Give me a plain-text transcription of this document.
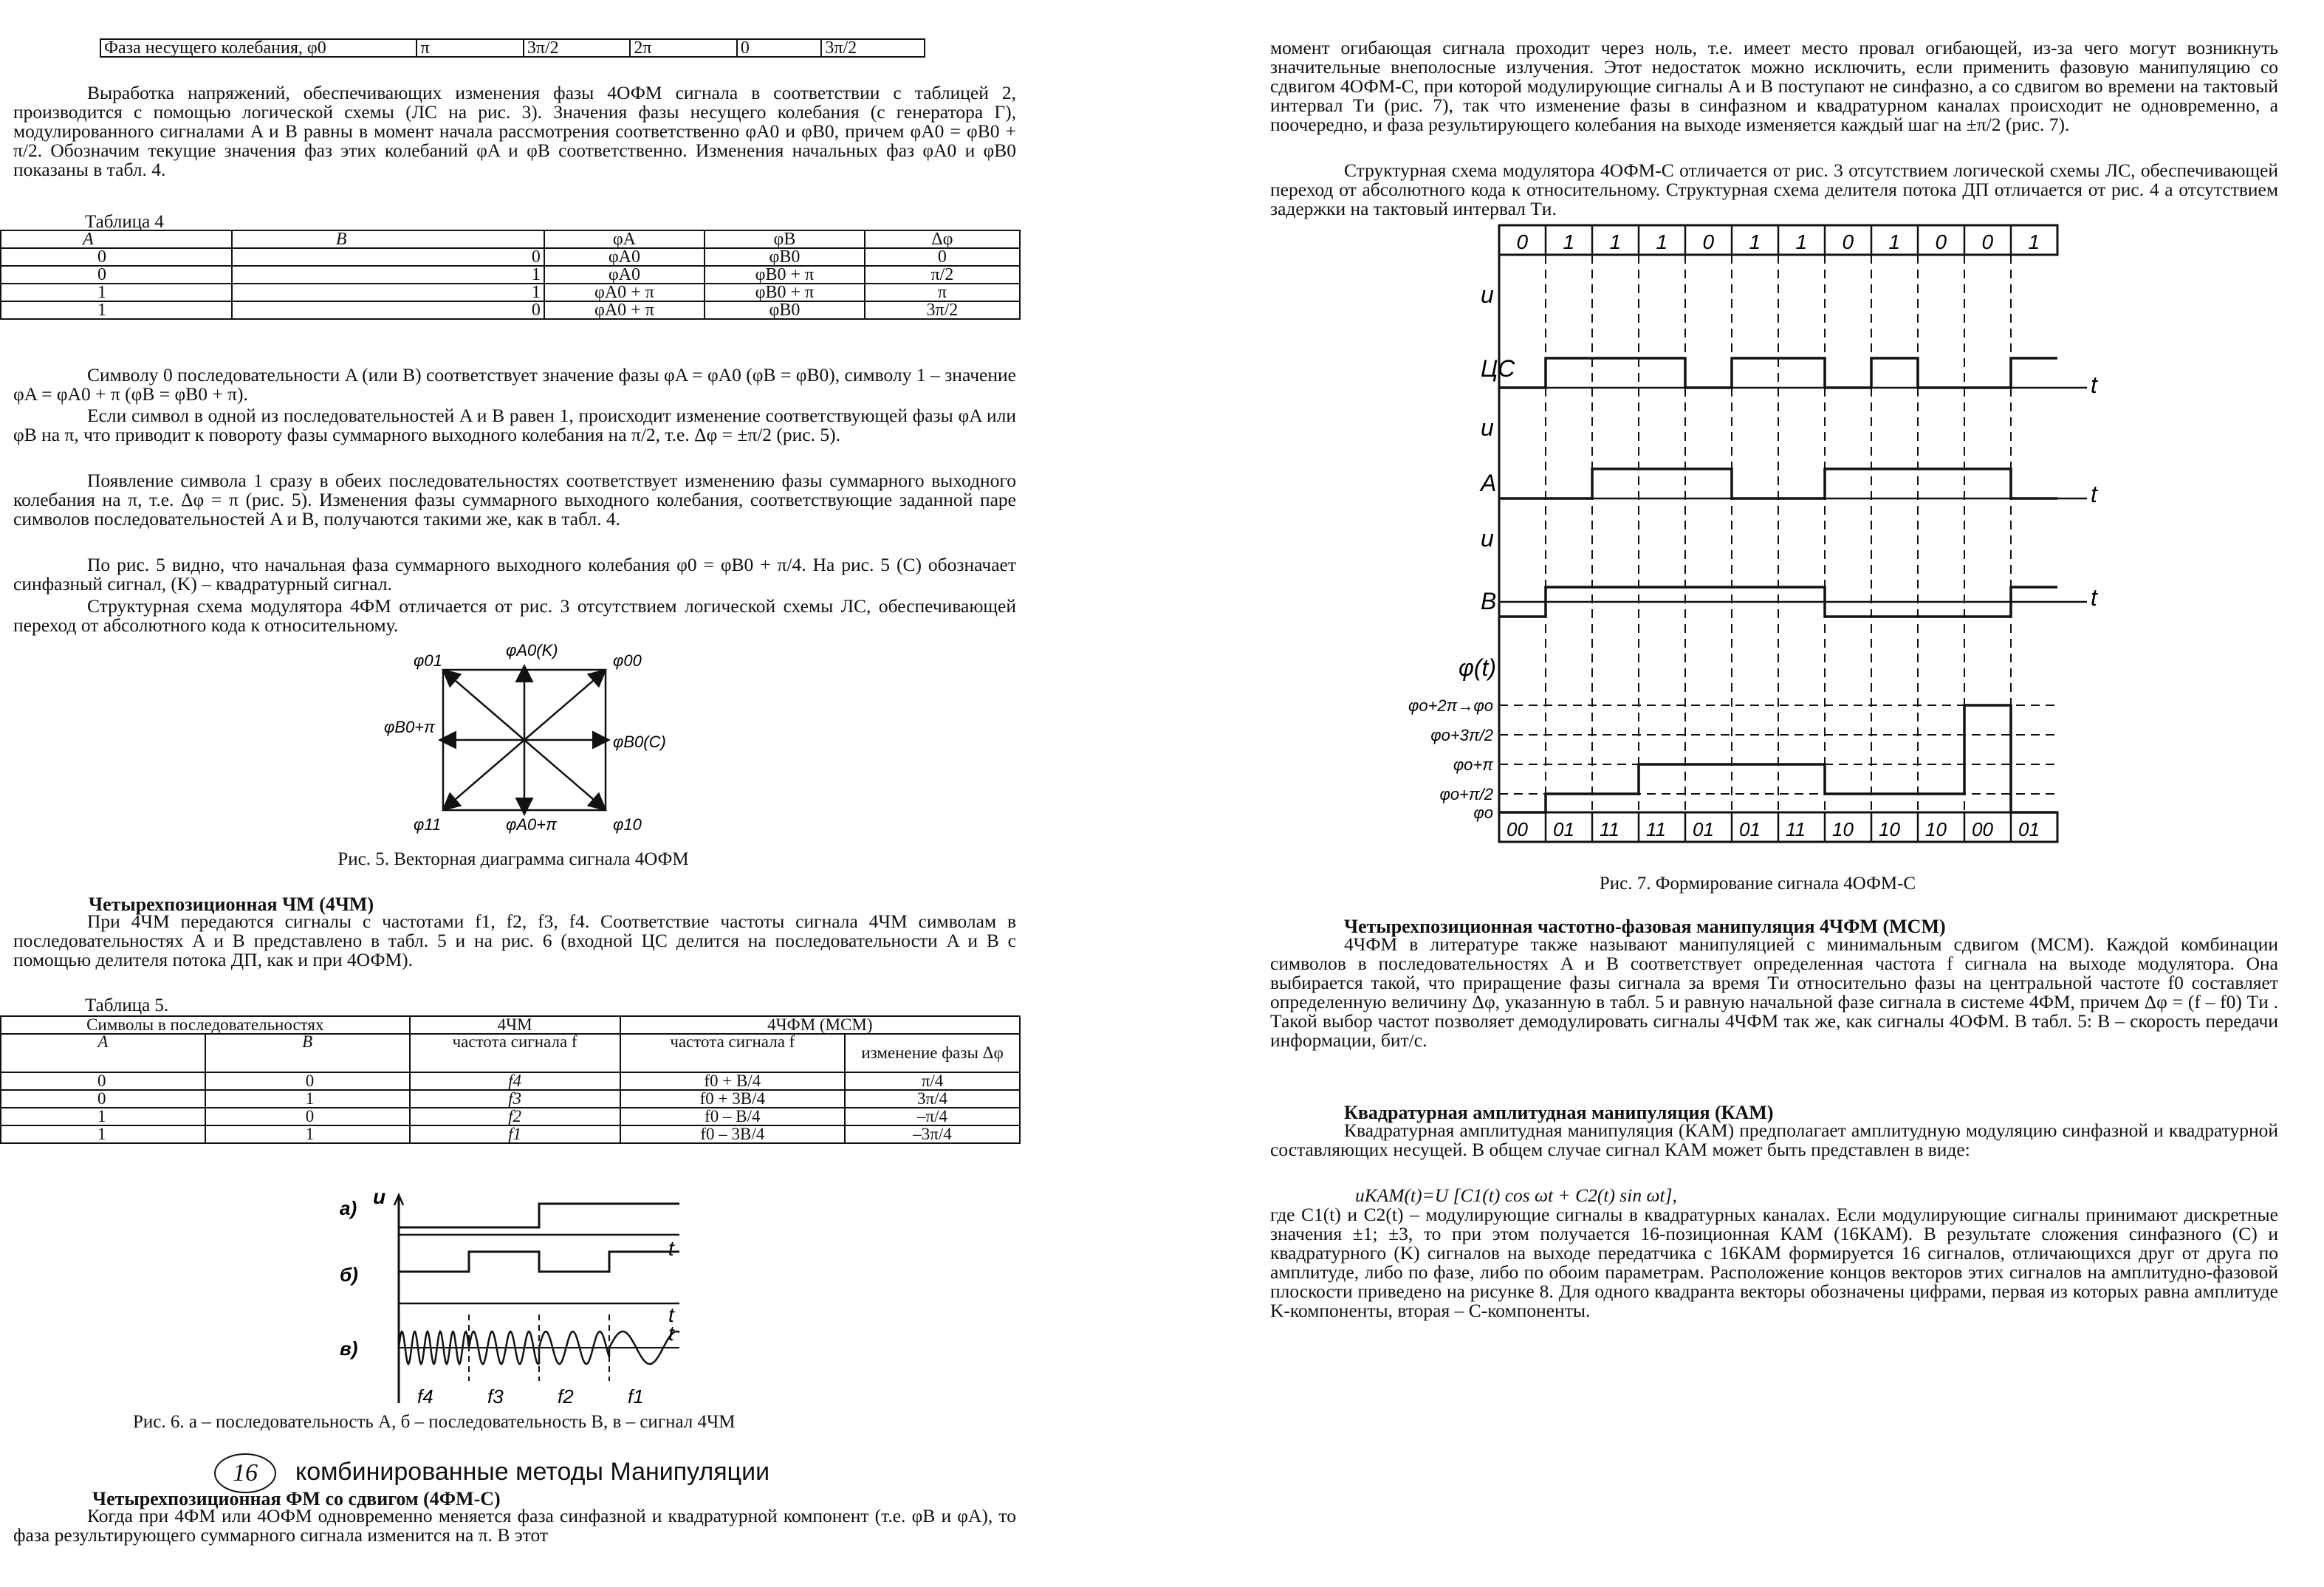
Фаза несущего колебания, φ0	π	3π/2	2π	0	3π/2
Выработка напряжений, обеспечивающих изменения фазы 4ОФМ сигнала в соответствии с таблицей 2, производится с помощью логической схемы (ЛС на рис. 3). Значения фазы несущего колебания (с генератора Г), модулированного сигналами A и B равны в момент начала рассмотрения соответственно φA0 и φB0, причем φA0 = φB0 + π/2. Обозначим текущие значения фаз этих колебаний φA и φB соответственно. Изменения начальных фаз φA0 и φB0 показаны в табл. 4.
Таблица 4
A	B	φA	φB	Δφ
0	0	φA0	φB0	0
0	1	φA0	φB0 + π	π/2
1	1	φA0 + π	φB0 + π	π
1	0	φA0 + π	φB0	3π/2
Символу 0 последовательности A (или B) соответствует значение фазы φA = φA0 (φB = φB0), символу 1 – значение φA = φA0 + π (φB = φB0 + π).
Если символ в одной из последовательностей A и B равен 1, происходит изменение соответствующей фазы φA или φB на π, что приводит к повороту фазы суммарного выходного колебания на π/2, т.е. Δφ = ±π/2 (рис. 5).
Появление символа 1 сразу в обеих последовательностях соответствует изменению фазы суммарного выходного колебания на π, т.е. Δφ = π (рис. 5). Изменения фазы суммарного выходного колебания, соответствующие заданной паре символов последовательностей A и B, получаются такими же, как в табл. 4.
По рис. 5 видно, что начальная фаза суммарного выходного колебания φ0 = φB0 + π/4. На рис. 5 (C) обозначает синфазный сигнал, (K) – квадратурный сигнал.
Структурная схема модулятора 4ФМ отличается от рис. 3 отсутствием логической схемы ЛС, обеспечивающей переход от абсолютного кода к относительному.
φ01
φA0(K)
φ00
φB0+π
φB0(C)
φ11	φA0+π	φ10
Рис. 5. Векторная диаграмма сигнала 4ОФМ
Четырехпозиционная ЧМ (4ЧМ)
При 4ЧМ передаются сигналы с частотами f1, f2, f3, f4. Соответствие частоты сигнала 4ЧМ символам в последовательностях A и B представлено в табл. 5 и на рис. 6 (входной ЦС делится на последовательности A и B с помощью делителя потока ДП, как и при 4ОФМ).
Таблица 5.
Символы в последовательностях		4ЧМ	4ЧФМ (МСМ)	
A	B	частота сигнала f	частота сигнала f	изменение фазы Δφ
0	0	f4	f0 + B/4	π/4
0	1	f3	f0 + 3B/4	3π/4
1	0	f2	f0 – B/4	–π/4
1	1	f1	f0 – 3B/4	–3π/4
а)
б)
в)
u
t
t
t
f4	f3	f2	f1
Рис. 6. а – последовательность A, б – последовательность B, в – сигнал 4ЧМ
16	комбинированные методы Манипуляции
Четырехпозиционная ФМ со сдвигом (4ФМ-С)
Когда при 4ФМ или 4ОФМ одновременно меняется фаза синфазной и квадратурной компонент (т.е. φB и φA), то фаза результирующего суммарного сигнала изменится на π. В этот
момент огибающая сигнала проходит через ноль, т.е. имеет место провал огибающей, из-за чего могут возникнуть значительные внеполосные излучения. Этот недостаток можно исключить, если применить фазовую манипуляцию со сдвигом 4ОФМ-С, при которой модулирующие сигналы A и B поступают не синфазно, а со сдвигом во времени на тактовый интервал Tи (рис. 7), так что изменение фазы в синфазном и квадратурном каналах происходит не одновременно, а поочередно, и фаза результирующего колебания на выходе изменяется каждый шаг на ±π/2 (рис. 7).
Структурная схема модулятора 4ОФМ-С отличается от рис. 3 отсутствием логической схемы ЛС, обеспечивающей переход от абсолютного кода к относительному. Структурная схема делителя потока ДП отличается от рис. 4 а отсутствием задержки на тактовый интервал Tи.
0 1 1 1 0 1 1 0 1 0 0 1
u
ЦС
u
A
u
B
φ(t)
t
t
t
φo+2π→φo
φo+3π/2
φo+π
φo+π/2
φo
00 01 11 11 01 01 11 10 10 10 00 01
Рис. 7. Формирование сигнала 4ОФМ-С
Четырехпозиционная частотно-фазовая манипуляция 4ЧФМ (МСМ)
4ЧФМ в литературе также называют манипуляцией с минимальным сдвигом (МСМ). Каждой комбинации символов в последовательностях A и B соответствует определенная частота f сигнала на выходе модулятора. Она выбирается такой, что приращение фазы сигнала за время Tи относительно фазы на центральной частоте f0 составляет определенную величину Δφ, указанную в табл. 5 и равную начальной фазе сигнала в системе 4ФМ, причем Δφ = (f – f0) Tи . Такой выбор частот позволяет демодулировать сигналы 4ЧФМ так же, как сигналы 4ОФМ. В табл. 5: B – скорость передачи информации, бит/с.
Квадратурная амплитудная манипуляция (КАМ)
Квадратурная амплитудная манипуляция (КАМ) предполагает амплитудную модуляцию синфазной и квадратурной составляющих несущей. В общем случае сигнал КАМ может быть представлен в виде:
uКАМ(t)=U [C1(t) cos ωt + C2(t) sin ωt],
где C1(t) и C2(t) – модулирующие сигналы в квадратурных каналах. Если модулирующие сигналы принимают дискретные значения ±1; ±3, то при этом получается 16-позиционная КАМ (16КАМ). В результате сложения синфазного (C) и квадратурного (K) сигналов на выходе передатчика с 16КАМ формируется 16 сигналов, отличающихся друг от друга по амплитуде, либо по фазе, либо по обоим параметрам. Расположение концов векторов этих сигналов на амплитудно-фазовой плоскости приведено на рисунке 8. Для одного квадранта векторы обозначены цифрами, первая из которых равна амплитуде K-компоненты, вторая – C-компоненты.
